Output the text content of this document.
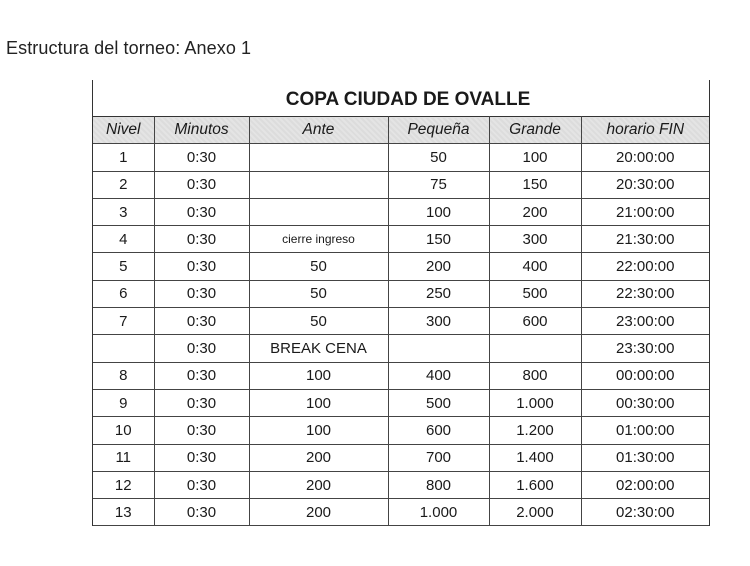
Estructura del torneo: Anexo 1
COPA CIUDAD DE OVALLE
Nivel	Minutos	Ante	Pequeña	Grande	horario FIN
1	0:30		50	100	20:00:00
2	0:30		75	150	20:30:00
3	0:30		100	200	21:00:00
4	0:30	cierre ingreso	150	300	21:30:00
5	0:30	50	200	400	22:00:00
6	0:30	50	250	500	22:30:00
7	0:30	50	300	600	23:00:00
	0:30	BREAK CENA			23:30:00
8	0:30	100	400	800	00:00:00
9	0:30	100	500	1.000	00:30:00
10	0:30	100	600	1.200	01:00:00
11	0:30	200	700	1.400	01:30:00
12	0:30	200	800	1.600	02:00:00
13	0:30	200	1.000	2.000	02:30:00
